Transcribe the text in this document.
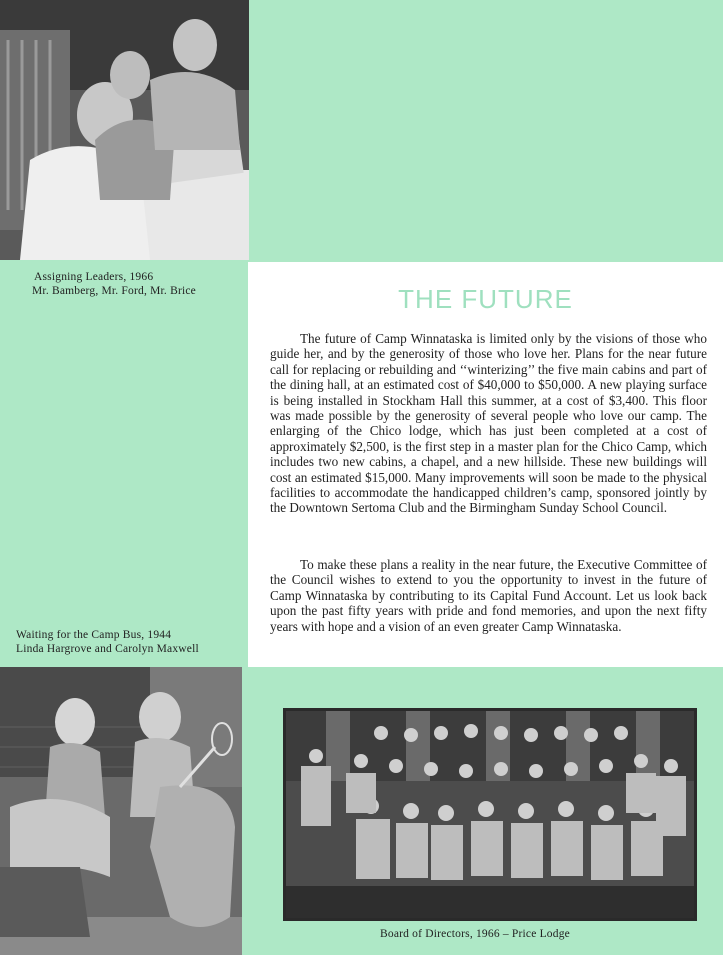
Assigning Leaders, 1966
Mr. Bamberg, Mr. Ford, Mr. Brice	THE FUTURE

The future of Camp Winnataska is limited only by the visions of those who guide her, and by the generosity of those who love her. Plans for the near future call for replacing or rebuilding and ‘‘winterizing’’ the five main cabins and part of the dining hall, at an estimated cost of $40,000 to $50,000. A new playing surface is being installed in Stockham Hall this summer, at a cost of $3,400. This floor was made possible by the generosity of several people who love our camp. The enlarging of the Chico lodge, which has just been completed at a cost of approximately $2,500, is the first step in a master plan for the Chico Camp, which includes two new cabins, a chapel, and a new hillside. These new buildings will cost an estimated $15,000. Many improvements will soon be made to the physical facilities to accommodate the handicapped children’s camp, sponsored jointly by the Downtown Sertoma Club and the Birmingham Sunday School Council.

To make these plans a reality in the near future, the Executive Committee of the Council wishes to extend to you the opportunity to invest in the future of Camp Winnataska by contributing to its Capital Fund Account. Let us look back upon the past fifty years with pride and fond memories, and upon the next fifty years with hope and a vision of an even greater Camp Winnataska.

Waiting for the Camp Bus, 1944
Linda Hargrove and Carolyn Maxwell
Board of Directors, 1966 – Price Lodge
